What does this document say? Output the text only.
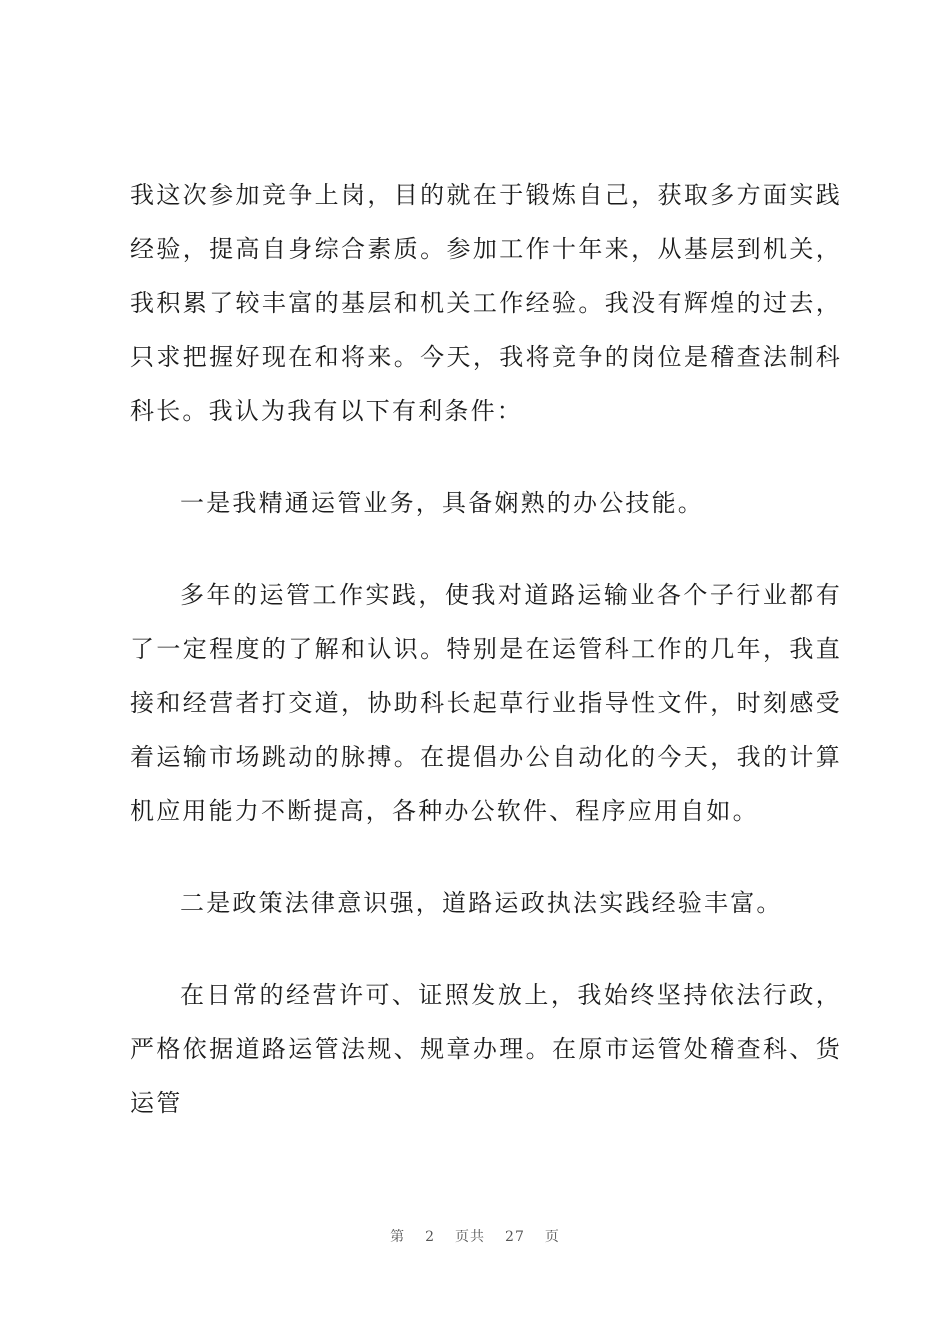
我这次参加竞争上岗，目的就在于锻炼自己，获取多方面实践经验，提高自身综合素质。参加工作十年来，从基层到机关，我积累了较丰富的基层和机关工作经验。我没有辉煌的过去，只求把握好现在和将来。今天，我将竞争的岗位是稽查法制科科长。我认为我有以下有利条件：

一是我精通运管业务，具备娴熟的办公技能。

多年的运管工作实践，使我对道路运输业各个子行业都有了一定程度的了解和认识。特别是在运管科工作的几年，我直接和经营者打交道，协助科长起草行业指导性文件，时刻感受着运输市场跳动的脉搏。在提倡办公自动化的今天，我的计算机应用能力不断提高，各种办公软件、程序应用自如。

二是政策法律意识强，道路运政执法实践经验丰富。

在日常的经营许可、证照发放上，我始终坚持依法行政，严格依据道路运管法规、规章办理。在原市运管处稽查科、货运管

第 2 页共 27 页
